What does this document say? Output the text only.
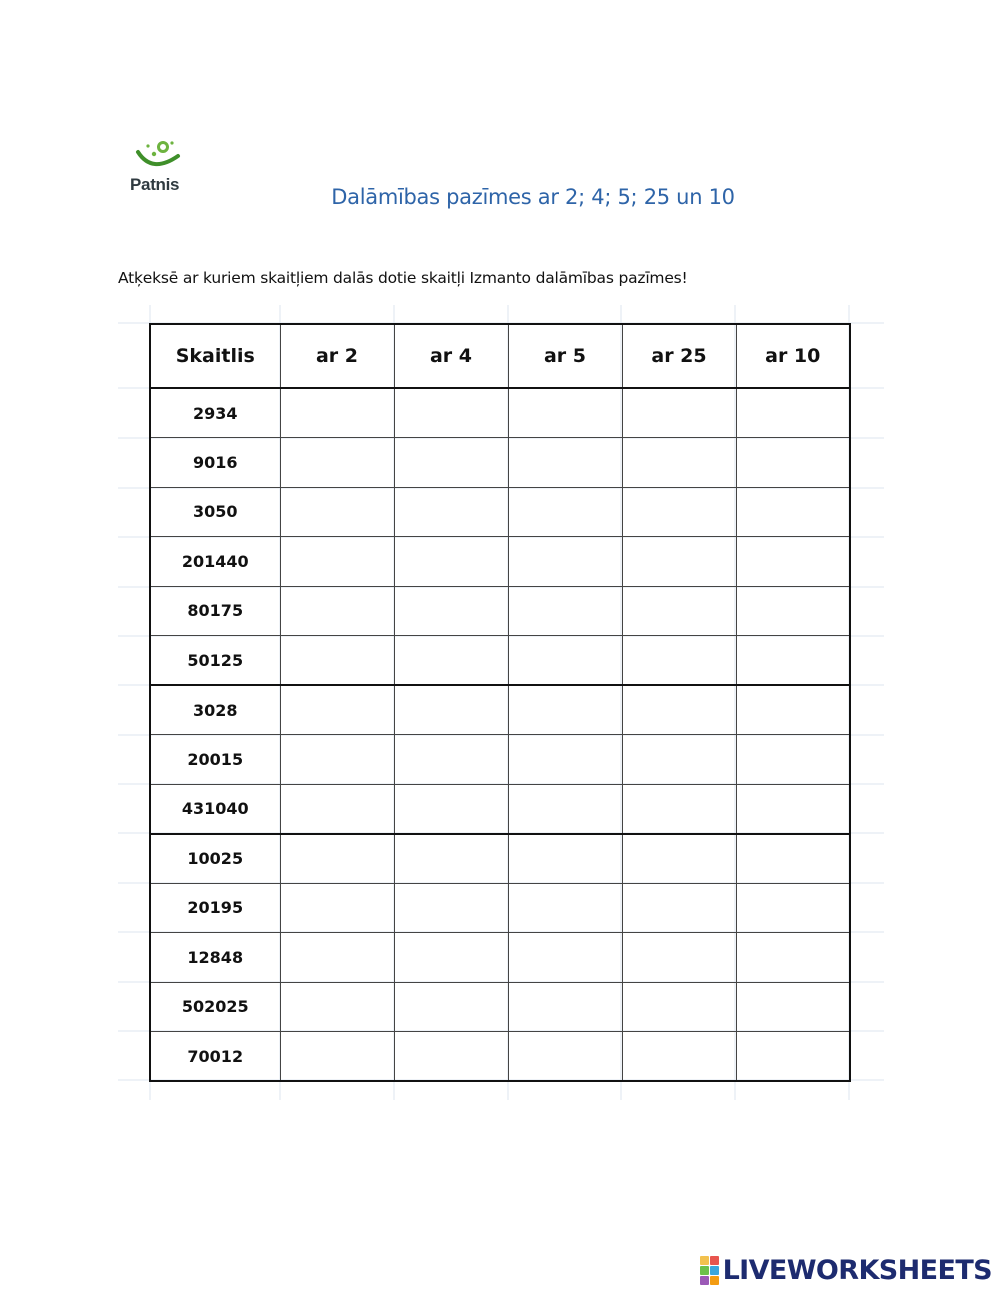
Patnis
Dalāmības pazīmes ar 2; 4; 5; 25 un 10
Atķeksē ar kuriem skaitļiem dalās dotie skaitļi Izmanto dalāmības pazīmes!
Skaitlis	ar 2	ar 4	ar 5	ar 25	ar 10
2934					
9016					
3050					
201440					
80175					
50125					
3028					
20015					
431040					
10025					
20195					
12848					
502025					
70012					
LIVEWORKSHEETS
